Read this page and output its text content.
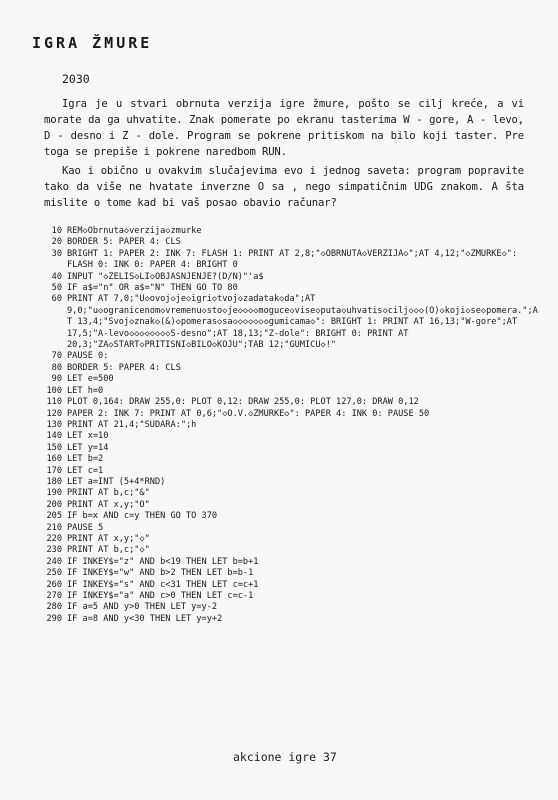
IGRA ŽMURE
2030

Igra je u stvari obrnuta verzija igre žmure, pošto se cilj kreće, a vi morate da ga uhvatite. Znak pomerate po ekranu tasterima W - gore, A - levo, D - desno i Z - dole. Program se pokrene pritiskom na bilo koji taster. Pre toga se prepiše i pokrene naredbom RUN.

Kao i obično u ovakvim slučajevima evo i jednog saveta: program popravite tako da više ne hvatate inverzne O sa , nego simpatičnim UDG znakom. A šta mislite o tome kad bi vaš posao obavio računar?

10 REM◇Obrnuta◇verzija◇zmurke
20 BORDER 5: PAPER 4: CLS
30 BRIGHT 1: PAPER 2: INK 7: FLASH 1: PRINT AT 2,8;"◇OBRNUTA◇VERZIJA◇";AT 4,12;"◇ZMURKE◇": FLASH 0: INK 0: PAPER 4: BRIGHT 0
40 INPUT "◇ZELIS◇LI◇OBJASNJENJE?(D/N)"'a$
50 IF a$="n" OR a$="N" THEN GO TO 80
60 PRINT AT 7,0;"U◇ovoj◇je◇igri◇tvoj◇zadatak◇da";AT 9,0;"u◇ogranicenom◇vremenu◇sto◇je◇◇◇◇moguce◇vise◇puta◇uhvatis◇cilj◇◇◇(O)◇koji◇se◇pomera.";AT 13,4;"Svoj◇znak◇(&)◇pomeras◇sa◇◇◇◇◇◇◇gumicama◇": BRIGHT 1: PRINT AT 16,13;"W-gore";AT 17,5;"A-levo◇◇◇◇◇◇◇◇S-desno";AT 18,13;"Z-dole": BRIGHT 0: PRINT AT 20,3;"ZA◇START◇PRITISNI◇BILO◇KOJU";TAB 12;"GUMICU◇!"
70 PAUSE 0:
80 BORDER 5: PAPER 4: CLS
90 LET e=500
100 LET h=0
110 PLOT 0,164: DRAW 255,0: PLOT 0,12: DRAW 255,0: PLOT 127,0: DRAW 0,12
120 PAPER 2: INK 7: PRINT AT 0,6;"◇O.V.◇ZMURKE◇": PAPER 4: INK 0: PAUSE 50
130 PRINT AT 21,4;"SUDARA:";h
140 LET x=10
150 LET y=14
160 LET b=2
170 LET c=1
180 LET a=INT (5+4*RND)
190 PRINT AT b,c;"&"
200 PRINT AT x,y;"O"
205 IF b=x AND c=y THEN GO TO 370
210 PAUSE 5
220 PRINT AT x,y;"◇"
230 PRINT AT b,c;"◇"
240 IF INKEY$="z" AND b<19 THEN LET b=b+1
250 IF INKEY$="w" AND b>2 THEN LET b=b-1
260 IF INKEY$="s" AND c<31 THEN LET c=c+1
270 IF INKEY$="a" AND c>0 THEN LET c=c-1
280 IF a=5 AND y>0 THEN LET y=y-2
290 IF a=8 AND y<30 THEN LET y=y+2
akcione igre 37
